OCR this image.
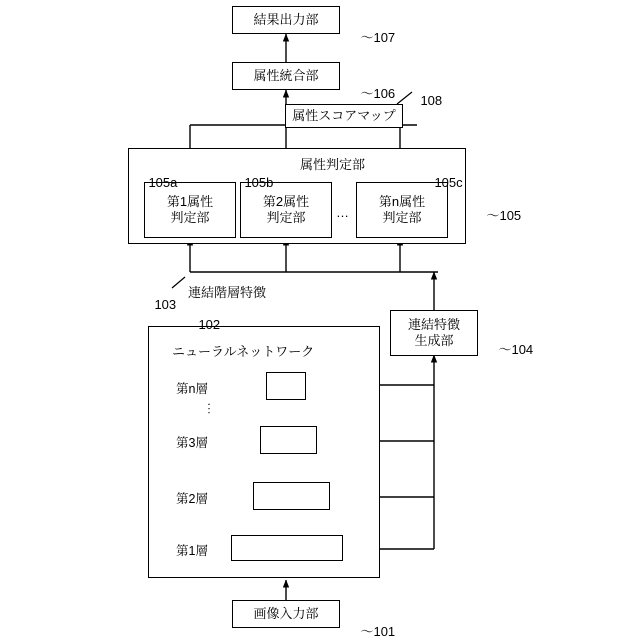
結果出力部

〜107

属性統合部

〜106

属性スコアマップ

108

属性判定部

〜105

第1属性
判定部

105a

第2属性
判定部

105b

…
第n属性
判定部

105c

連結階層特徴

103

連結特徴
生成部

〜104

ニューラルネットワーク

102

第n層
︙
第3層
第2層
第1層
画像入力部

〜101
